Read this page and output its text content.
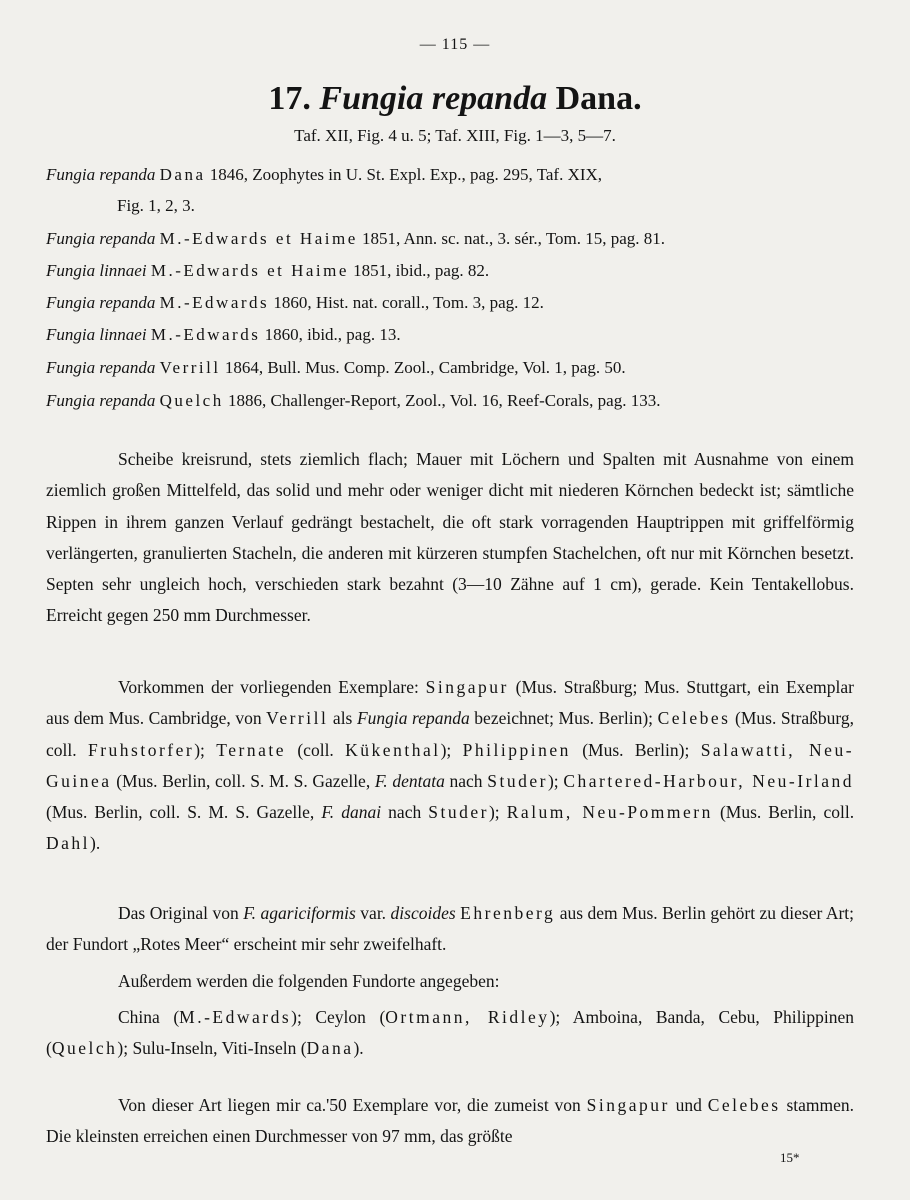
— 115 —
17. Fungia repanda Dana.
Taf. XII, Fig. 4 u. 5; Taf. XIII, Fig. 1—3, 5—7.
Fungia repanda Dana 1846, Zoophytes in U. St. Expl. Exp., pag. 295, Taf. XIX,
Fig. 1, 2, 3.
Fungia repanda M.-Edwards et Haime 1851, Ann. sc. nat., 3. sér., Tom. 15, pag. 81.
Fungia linnaei M.-Edwards et Haime 1851, ibid., pag. 82.
Fungia repanda M.-Edwards 1860, Hist. nat. corall., Tom. 3, pag. 12.
Fungia linnaei M.-Edwards 1860, ibid., pag. 13.
Fungia repanda Verrill 1864, Bull. Mus. Comp. Zool., Cambridge, Vol. 1, pag. 50.
Fungia repanda Quelch 1886, Challenger-Report, Zool., Vol. 16, Reef-Corals, pag. 133.
Scheibe kreisrund, stets ziemlich flach; Mauer mit Löchern und Spalten mit Ausnahme von einem ziemlich großen Mittelfeld, das solid und mehr oder weniger dicht mit niederen Körnchen bedeckt ist; sämtliche Rippen in ihrem ganzen Verlauf gedrängt bestachelt, die oft stark vorragenden Hauptrippen mit griffelförmig verlängerten, granulierten Stacheln, die anderen mit kürzeren stumpfen Stachelchen, oft nur mit Körnchen besetzt. Septen sehr ungleich hoch, verschieden stark bezahnt (3—10 Zähne auf 1 cm), gerade. Kein Tentakellobus. Erreicht gegen 250 mm Durchmesser.
Vorkommen der vorliegenden Exemplare: Singapur (Mus. Straßburg; Mus. Stuttgart, ein Exemplar aus dem Mus. Cambridge, von Verrill als Fungia repanda bezeichnet; Mus. Berlin); Celebes (Mus. Straßburg, coll. Fruhstorfer); Ternate (coll. Kükenthal); Philippinen (Mus. Berlin); Salawatti, Neu-Guinea (Mus. Berlin, coll. S. M. S. Gazelle, F. dentata nach Studer); Chartered-Harbour, Neu-Irland (Mus. Berlin, coll. S. M. S. Gazelle, F. danai nach Studer); Ralum, Neu-Pommern (Mus. Berlin, coll. Dahl).
Das Original von F. agariciformis var. discoides Ehrenberg aus dem Mus. Berlin gehört zu dieser Art; der Fundort „Rotes Meer“ erscheint mir sehr zweifelhaft.
Außerdem werden die folgenden Fundorte angegeben:
China (M.-Edwards); Ceylon (Ortmann, Ridley); Amboina, Banda, Cebu, Philippinen (Quelch); Sulu-Inseln, Viti-Inseln (Dana).
Von dieser Art liegen mir ca.'50 Exemplare vor, die zumeist von Singapur und Celebes stammen. Die kleinsten erreichen einen Durchmesser von 97 mm, das größte
15*
